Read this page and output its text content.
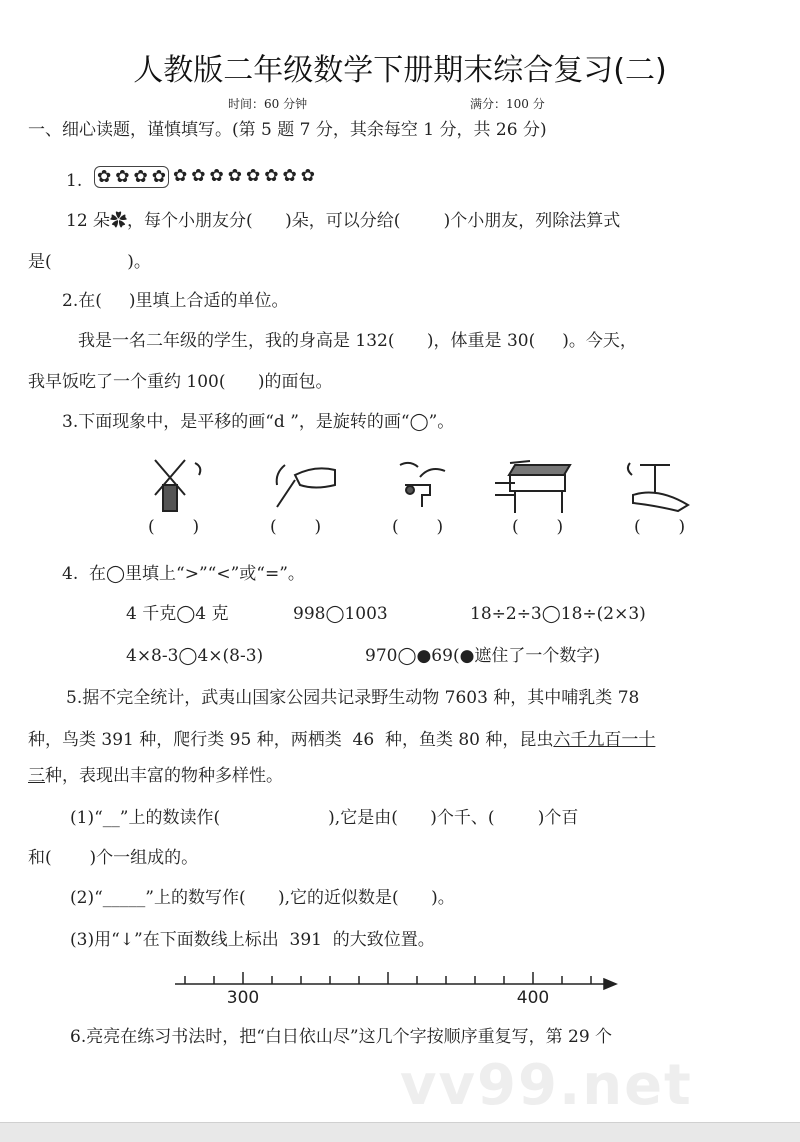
vv99.net
人教版二年级数学下册期末综合复习(二)
时间：60 分钟	满分：100 分
一、细心读题，谨慎填写。(第 5 题 7 分，其余每空 1 分，共 26 分)
1. ✿ ✿ ✿ ✿ ✿ ✿ ✿ ✿ ✿ ✿ ✿ ✿
12 朵✿，每个小朋友分(      )朵，可以分给(        )个小朋友，列除法算式
是(              )。
2.在(     )里填上合适的单位。
我是一名二年级的学生，我的身高是 132(      )，体重是 30(     )。今天，
我早饭吃了一个重约 100(      )的面包。
3.下面现象中，是平移的画“d ”，是旋转的画“◯”。
(       )	(       )	(       )	(       )	(       )
4.  在◯里填上“>”“<”或“=”。
4 千克◯4 克	998◯1003	18÷2÷3◯18÷(2×3)
4×8-3◯4×(8-3)	970◯●69(●遮住了一个数字)
5.据不完全统计，武夷山国家公园共记录野生动物 7603 种，其中哺乳类 78
种，鸟类 391 种，爬行类 95 种，两栖类  46  种，鱼类 80 种，昆虫六千九百一十
三种，表现出丰富的物种多样性。
(1)“__”上的数读作(                    ),它是由(      )个千、(        )个百
和(       )个一组成的。
(2)“_____”上的数写作(      ),它的近似数是(      )。
(3)用“↓”在下面数线上标出  391  的大致位置。
300	400
6.亮亮在练习书法时，把“白日依山尽”这几个字按顺序重复写，第 29 个
